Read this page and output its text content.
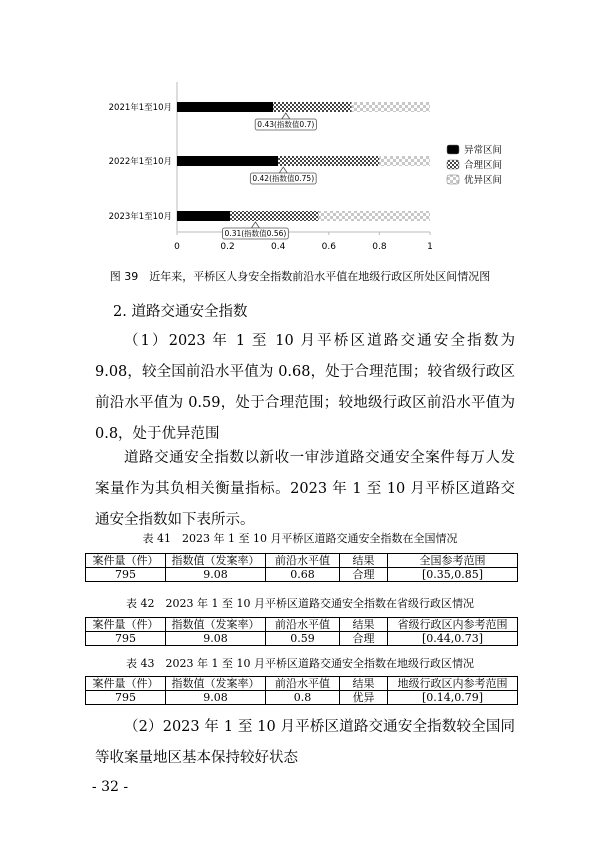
0	0.2	0.4	0.6	0.8	1
2021年1至10月
2022年1至10月
2023年1至10月
0.43(指数值0.7)
0.42(指数值0.75)
0.31(指数值0.56)
异常区间
合理区间
优异区间
图 39　近年来，平桥区人身安全指数前沿水平值在地级行政区所处区间情况图
2. 道路交通安全指数

（1）2023 年 1 至 10 月平桥区道路交通安全指数为 9.08，较全国前沿水平值为 0.68，处于合理范围；较省级行政区前沿水平值为 0.59，处于合理范围；较地级行政区前沿水平值为 0.8，处于优异范围

道路交通安全指数以新收一审涉道路交通安全案件每万人发案量作为其负相关衡量指标。2023 年 1 至 10 月平桥区道路交通安全指数如下表所示。

表 41　2023 年 1 至 10 月平桥区道路交通安全指数在全国情况
案件量（件）	指数值（发案率）	前沿水平值	结果	全国参考范围
795	9.08	0.68	合理	[0.35,0.85]
表 42　2023 年 1 至 10 月平桥区道路交通安全指数在省级行政区情况
案件量（件）	指数值（发案率）	前沿水平值	结果	省级行政区内参考范围
795	9.08	0.59	合理	[0.44,0.73]
表 43　2023 年 1 至 10 月平桥区道路交通安全指数在地级行政区情况
案件量（件）	指数值（发案率）	前沿水平值	结果	地级行政区内参考范围
795	9.08	0.8	优异	[0.14,0.79]

（2）2023 年 1 至 10 月平桥区道路交通安全指数较全国同等收案量地区基本保持较好状态

- 32 -
